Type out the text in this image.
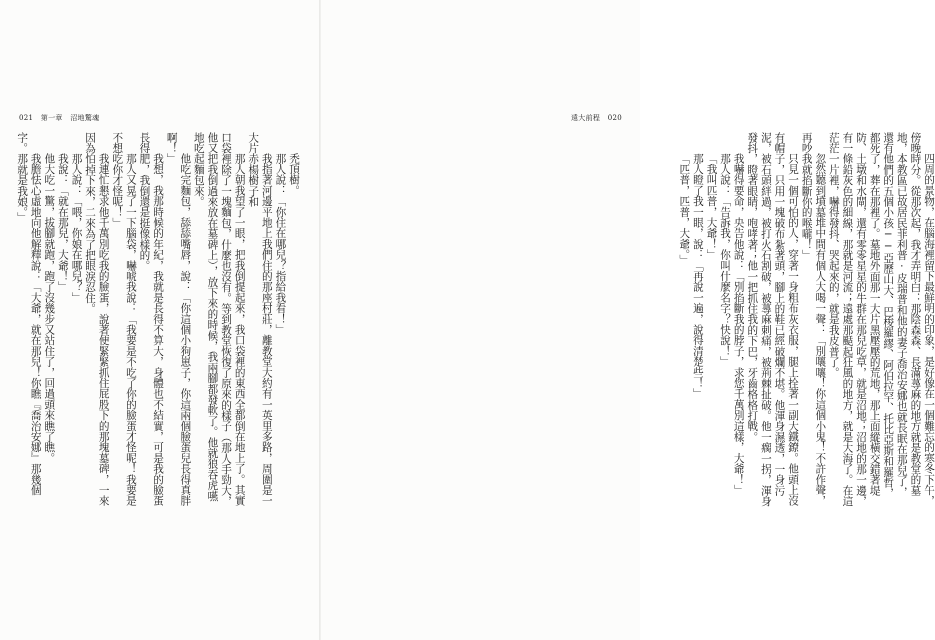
021 第一章 沼地驚魂

禿頂樹。

那人說：「你住在哪兒？指給我看！」

我指著河邊平地上我們住的那座村莊，離教堂大約有一英里多路，周圍是一大片赤楊樹子和

那人朝我望了一眼，把我倒提起來，我口袋裡的東西全都倒在地上了。其實口袋裡除了一塊麵包，什麼也沒有。等到教堂恢復了原來的樣子（那人手勁大，他又把我倒過來放在墓碑上），放下來的時候，我兩腳都發軟了。他就狼吞虎嚥地吃起麵包來。

他吃完麵包，舔舔嘴唇，說：「你這個小狗崽子，你這兩個臉蛋兒長得真胖啊！」

我想，我那時候的年紀，我就是長得不算大，身體也不結實，可是我的臉蛋長得肥，我倒還是挺像樣的。

那人又晃了一下腦袋，嚇唬我說：「我要是不吃了你的臉蛋才怪呢！我要是不想吃你才怪呢！」

我連忙懇求他千萬別吃我的臉蛋，說著便緊緊抓住屁股下的那塊墓碑，一來因為怕掉下來，二來為了把眼淚忍住。

那人說：「喂，你娘在哪兒？」

我說：「就在那兒，大爺！」

他大吃一驚，拔腳就跑，跑了沒幾步又站住了，回過頭來瞧了瞧。

我膽怯心虛地向他解釋說：「大爺，就在那兒！你瞧『喬治安娜』那幾個字。那就是我娘。」

遠大前程 020

四周的景物，在腦海裡留下最鮮明的印象，是好像在一個難忘的寒冬下午，傍晚時分。從那次起，我才弄明白：那陰森森、長滿蕁麻的地方就是教堂的墓地，本教區已故居民菲利普·皮瑞普和他的妻子喬治安娜也就長眠在那兒了，還有他們的五個小孩──亞歷山大、巴梭羅繆、阿伯拉罕、托比亞斯和羅哲，都死了，葬在那裡了。墓地外面那一大片黑壓壓的荒地，那上面縱橫交錯著堤防、土墩和水閘，還有零零星星的牛群在那兒吃草，就是沼地；沼地的那一邊，有一條鉛灰色的細線，那就是河流；遠處那颳起狂風的地方，就是大海了。在這茫茫一片裡，嚇得發抖、哭起來的，就是我皮普了。

忽然聽到墳墓堆中間有個人大喝一聲：「別嚷嚷！你這個小鬼！不許作聲，再吵我就掐斷你的喉嚨！」

只見一個可怕的人，穿著一身粗布灰衣服，腿上拴著一副大鐵鐐。他頭上沒有帽子，只用一塊破布紮著頭，腳上的鞋已經破爛不堪。他渾身濕透，一身污泥，被石頭絆過，被打火石割破，被蕁麻刺痛，被荊棘扯破。他一瘸一拐，渾身發抖，瞪著眼睛，咆哮著；他一把抓住我的下巴，牙齒格格打戰。

我嚇得要命，央告他說：「別掐斷我的脖子，求您千萬別這樣，大爺！」

那人說：「告訴我，你叫什麼名字？快說！」

「我叫匹普，大爺！」

那人瞪了我一眼，說：「再說一遍，說得清楚些！」

「匹普，匹普，大爺。」
